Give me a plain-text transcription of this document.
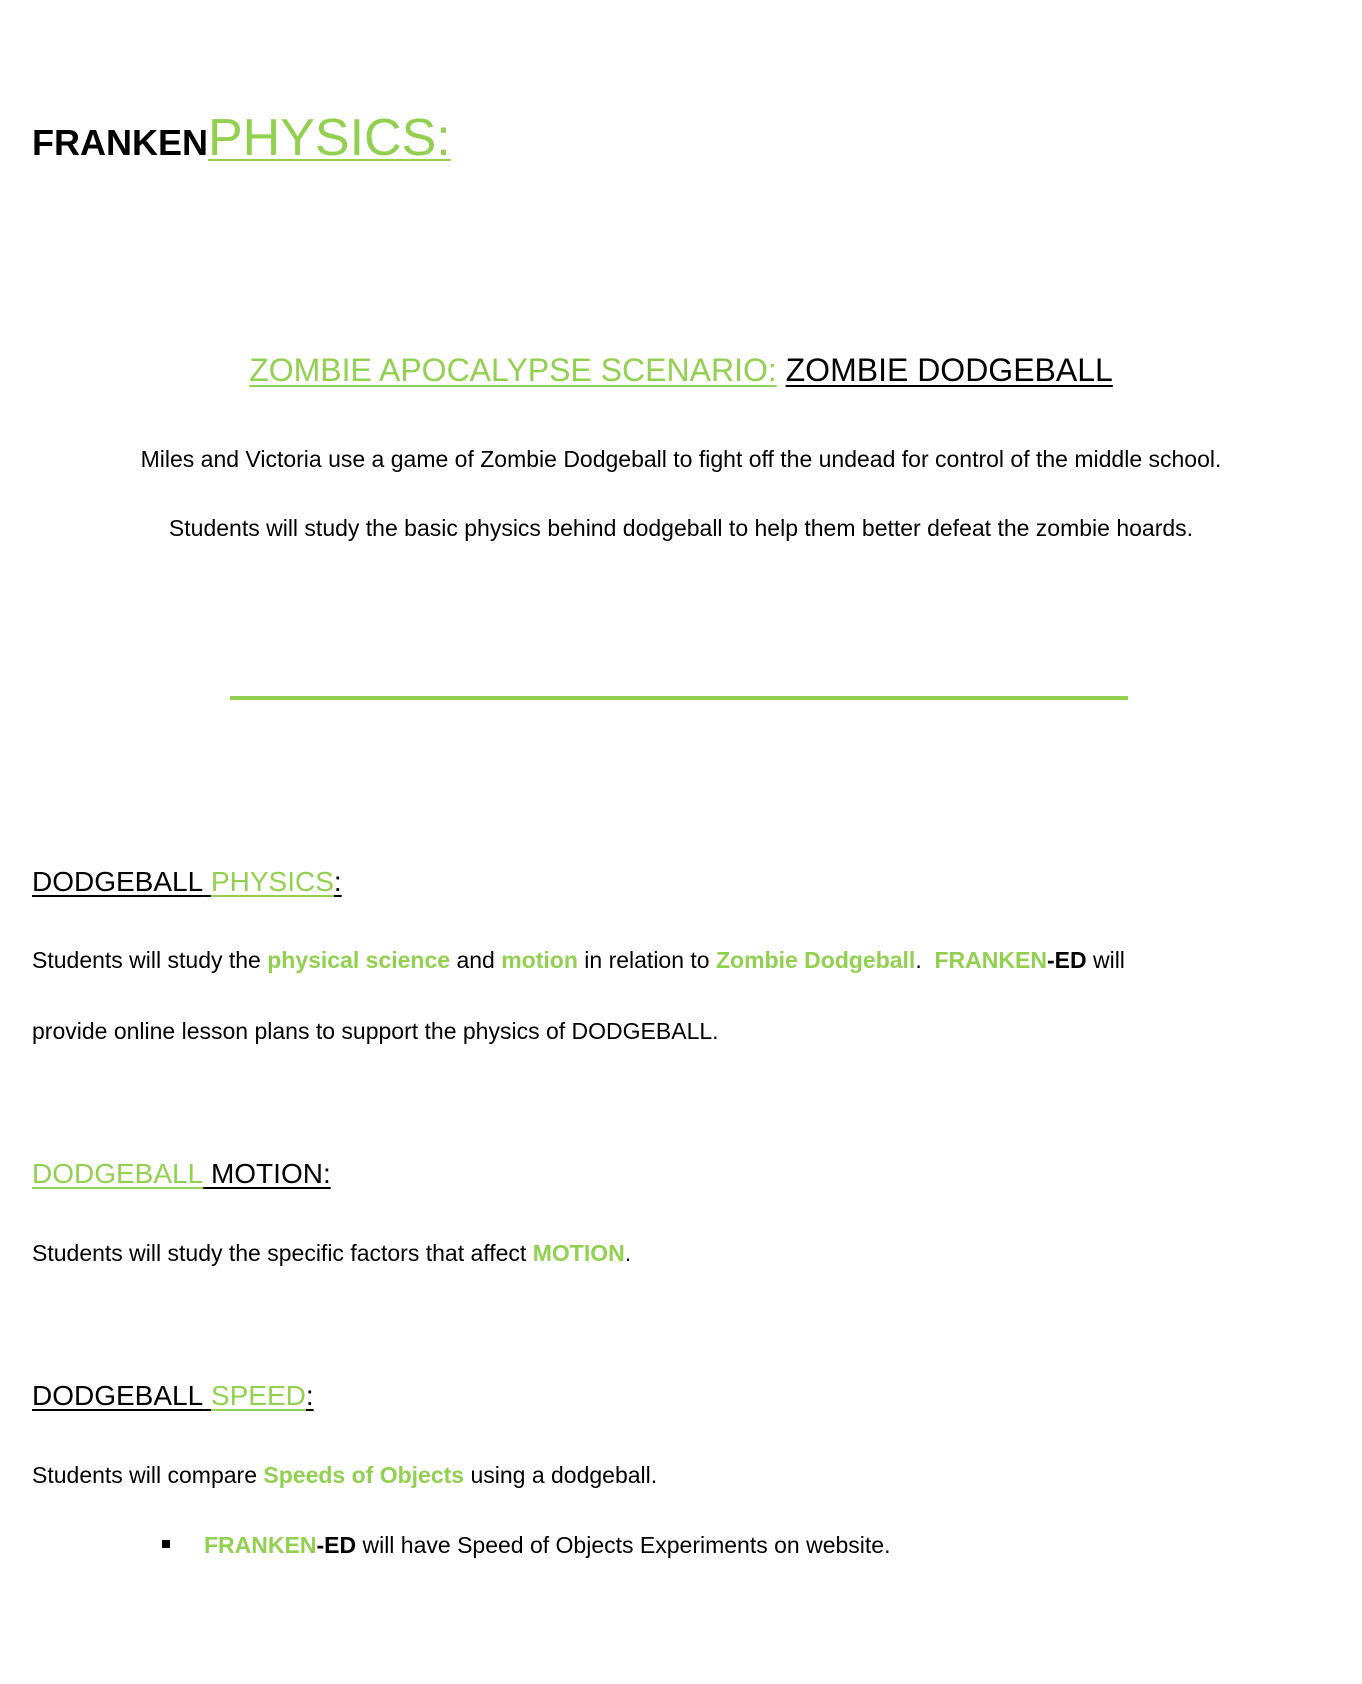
FRANKENPHYSICS:
ZOMBIE APOCALYPSE SCENARIO: ZOMBIE DODGEBALL
Miles and Victoria use a game of Zombie Dodgeball to fight off the undead for control of the middle school.
Students will study the basic physics behind dodgeball to help them better defeat the zombie hoards.
DODGEBALL PHYSICS:
Students will study the physical science and motion in relation to Zombie Dodgeball.  FRANKEN-ED will
provide online lesson plans to support the physics of DODGEBALL.
DODGEBALL MOTION:
Students will study the specific factors that affect MOTION.
DODGEBALL SPEED:
Students will compare Speeds of Objects using a dodgeball.
FRANKEN-ED will have Speed of Objects Experiments on website.
